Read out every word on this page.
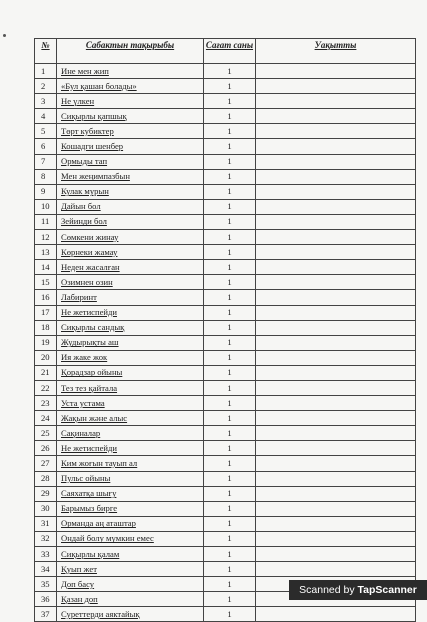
№	Сабактын тақырыбы	Сағат саны	Уақытты
1	Ине мен жип	1	
2	«Бул қашан болады»	1	
3	Не үлкен	1	
4	Сиқырлы қапшық	1	
5	Төрт кубиктер	1	
6	Кошадги шенбер	1	
7	Ормыды тап	1	
8	Мен жеңимпазбын	1	
9	Кулак мурын	1	
10	Дайын бол	1	
11	Зейинди бол	1	
12	Сөмкени жинау	1	
13	Көрнеки жамау	1	
14	Неден жасалған	1	
15	Озимнен озин	1	
16	Лабиринт	1	
17	Не жетиспейди	1	
18	Сиқырлы сандық	1	
19	Жудырықты аш	1	
20	Ия жаке жок	1	
21	Қорадзар ойыны	1	
22	Тез тез қайтала	1	
23	Уста устама	1	
24	Жақын және алыс	1	
25	Сақиналар	1	
26	Не жетиспейди	1	
27	Ким жоғын тауып ал	1	
28	Пульс ойыны	1	
29	Саяхатқа шығу	1	
30	Барымыз бирге	1	
31	Ормандa аң аташтар	1	
32	Ондай болу мүмкин емес	1	
33	Сиқырлы қалам	1	
34	Қуып жет	1	
35	Доп басу	1	
36	Қазан доп	1	
37	Суреттерди аяктайық	1	
Scanned by TapScanner
